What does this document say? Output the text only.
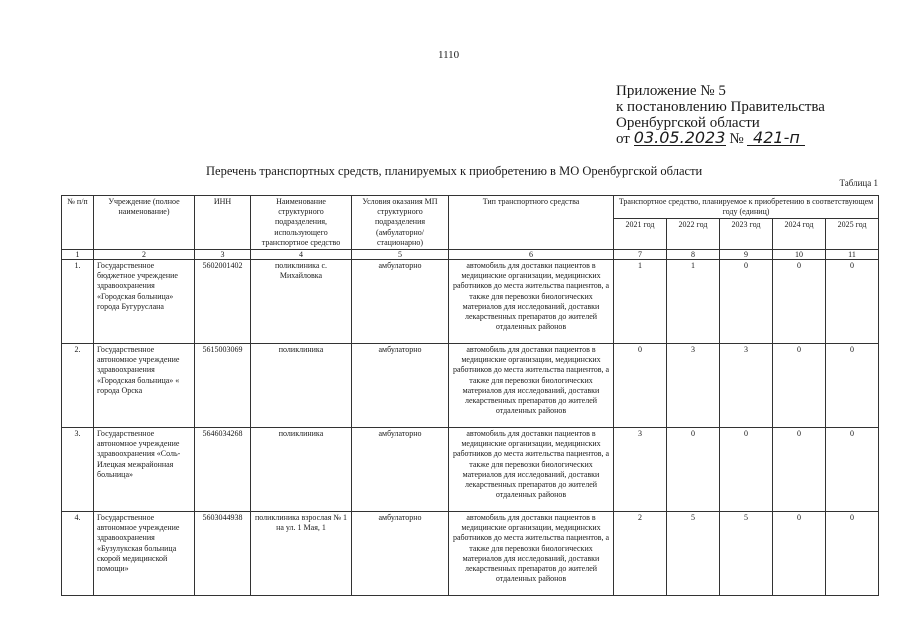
1110
Приложение № 5
к постановлению Правительства
Оренбургской области
от 03.05.2023 № 421-п
Перечень транспортных средств, планируемых к приобретению в МО Оренбургской области
Таблица 1
№ п/п	Учреждение (полное наименование)	ИНН	Наименование структурного подразделения, использующего транспортное средство	Условия оказания МП структурного подразделения (амбулаторно/ стационарно)	Тип транспортного средства	Транспортное средство, планируемое к приобретению в соответствующем году (единиц)				
						2021 год	2022 год	2023 год	2024 год	2025 год
1	2	3	4	5	6	7	8	9	10	11
1.	Государственное бюджетное учреждение здравоохранения «Городская больница» города Бугуруслана	5602001402	поликлиника с. Михайловка	амбулаторно	автомобиль для доставки пациентов в медицинские организации, медицинских работников до места жительства пациентов, а также для перевозки биологических материалов для исследований, доставки лекарственных препаратов до жителей отдаленных районов	1	1	0	0	0
2.	Государственное автономное учреждение здравоохранения «Городская больница» « города Орска	5615003069	поликлиника	амбулаторно	автомобиль для доставки пациентов в медицинские организации, медицинских работников до места жительства пациентов, а также для перевозки биологических материалов для исследований, доставки лекарственных препаратов до жителей отдаленных районов	0	3	3	0	0
3.	Государственное автономное учреждение здравоохранения «Соль-Илецкая межрайонная больница»	5646034268	поликлиника	амбулаторно	автомобиль для доставки пациентов в медицинские организации, медицинских работников до места жительства пациентов, а также для перевозки биологических материалов для исследований, доставки лекарственных препаратов до жителей отдаленных районов	3	0	0	0	0
4.	Государственное автономное учреждение здравоохранения «Бузулукская больница скорой медицинской помощи»	5603044938	поликлиника взрослая № 1 на ул. 1 Мая, 1	амбулаторно	автомобиль для доставки пациентов в медицинские организации, медицинских работников до места жительства пациентов, а также для перевозки биологических материалов для исследований, доставки лекарственных препаратов до жителей отдаленных районов	2	5	5	0	0
